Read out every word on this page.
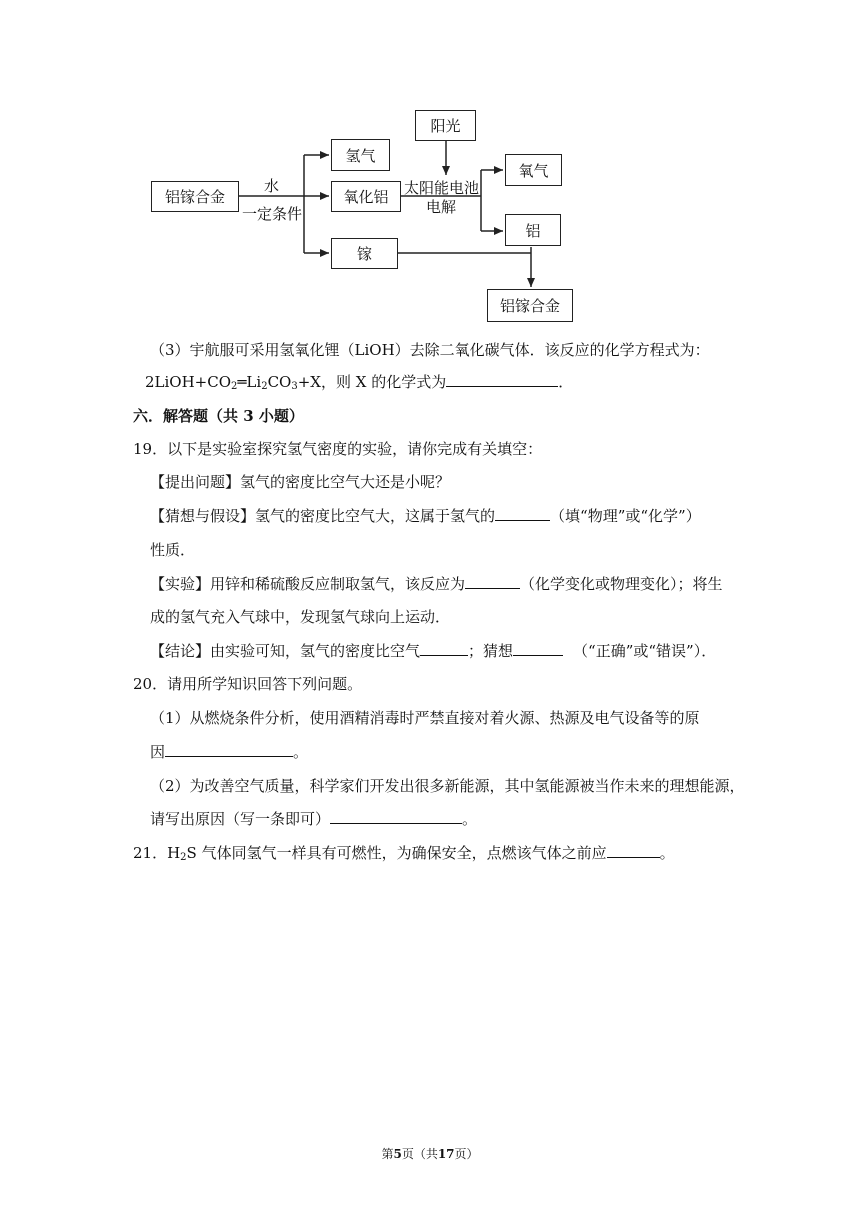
铝镓合金
氢气
氧化铝
镓
阳光
氧气
铝
铝镓合金
水
一定条件
太阳能电池
电解
（3）宇航服可采用氢氧化锂（LiOH）去除二氧化碳气体．该反应的化学方程式为：
$2LiOH+CO_2═Li_2CO_3+X$，则 X 的化学式为	．
六．解答题（共 3 小题）
19．以下是实验室探究氢气密度的实验，请你完成有关填空：
【提出问题】氢气的密度比空气大还是小呢？
【猜想与假设】氢气的密度比空气大，这属于氢气的	（填“物理”或“化学”）
性质．
【实验】用锌和稀硫酸反应制取氢气，该反应为	（化学变化或物理变化）；将生
成的氢气充入气球中，发现氢气球向上运动．
【结论】由实验可知，氢气的密度比空气	；猜想	（“正确”或“错误”）．
20．请用所学知识回答下列问题。
（1）从燃烧条件分析，使用酒精消毒时严禁直接对着火源、热源及电气设备等的原
因	。
（2）为改善空气质量，科学家们开发出很多新能源，其中氢能源被当作未来的理想能源，
请写出原因（写一条即可）	。
21．$H_2S$ 气体同氢气一样具有可燃性，为确保安全，点燃该气体之前应	。
第5页（共17页）
